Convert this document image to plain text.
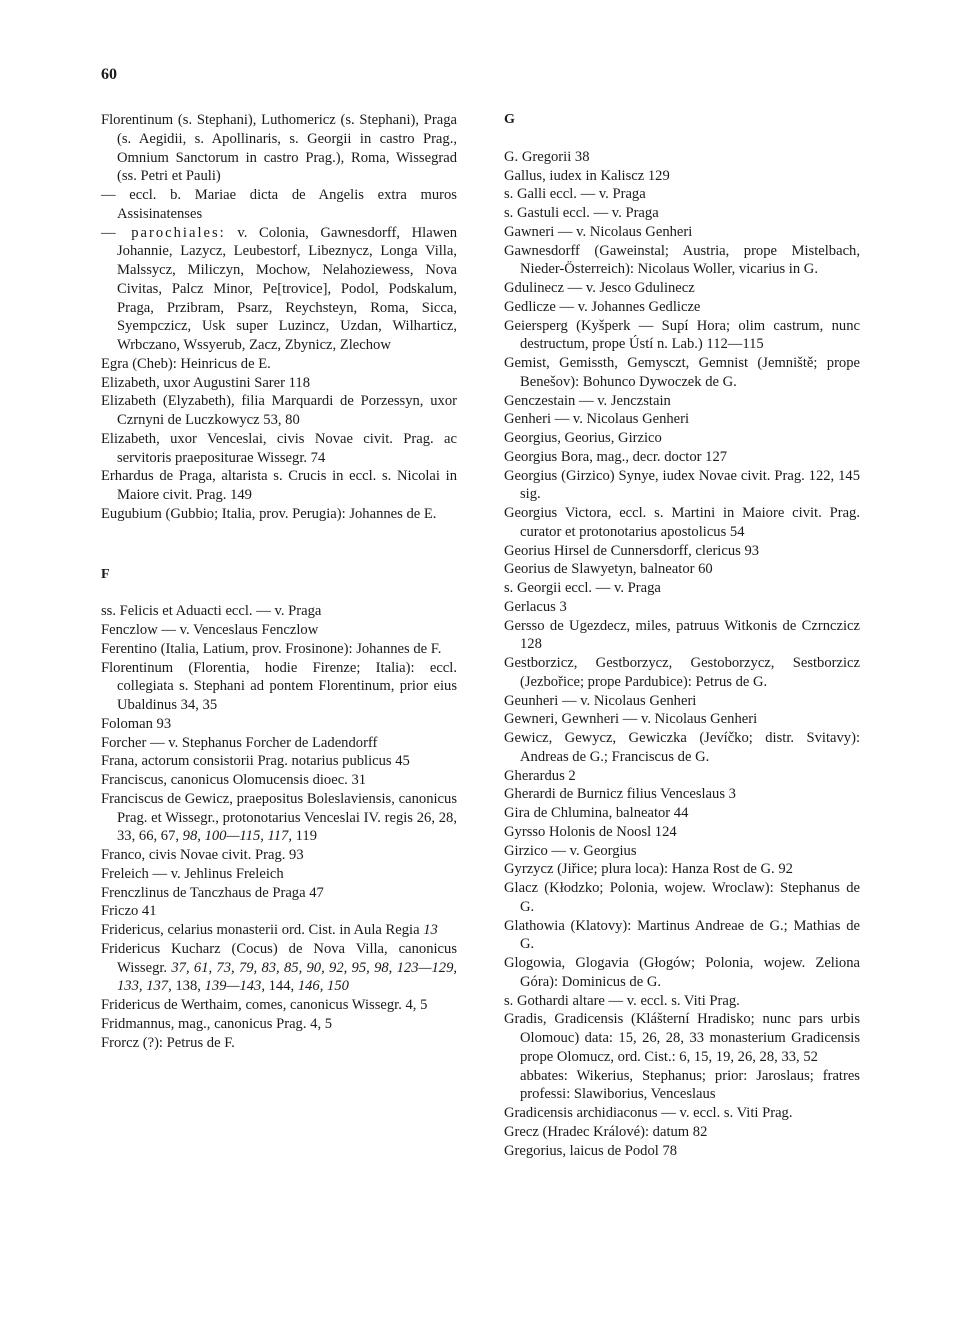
60

Florentinum (s. Stephani), Luthomericz (s. Stephani), Praga (s. Aegidii, s. Apollinaris, s. Georgii in castro Prag., Omnium Sanctorum in castro Prag.), Roma, Wissegrad (ss. Petri et Pauli)

— eccl. b. Mariae dicta de Angelis extra muros Assisinatenses

— parochiales: v. Colonia, Gawnesdorff, Hlawen Johannie, Lazycz, Leubestorf, Libeznycz, Longa Villa, Malssycz, Miliczyn, Mochow, Nelahoziewess, Nova Civitas, Palcz Minor, Pe[trovice], Podol, Podskalum, Praga, Przibram, Psarz, Reychsteyn, Roma, Sicca, Syempczicz, Usk super Luzincz, Uzdan, Wilharticz, Wrbczano, Wssyerub, Zacz, Zbynicz, Zlechow

Egra (Cheb): Heinricus de E.

Elizabeth, uxor Augustini Sarer 118

Elizabeth (Elyzabeth), filia Marquardi de Porzessyn, uxor Czrnyni de Luczkowycz 53, 80

Elizabeth, uxor Venceslai, civis Novae civit. Prag. ac servitoris praepositurae Wissegr. 74

Erhardus de Praga, altarista s. Crucis in eccl. s. Nicolai in Maiore civit. Prag. 149

Eugubium (Gubbio; Italia, prov. Perugia): Johannes de E.

F

ss. Felicis et Aduacti eccl. — v. Praga

Fenczlow — v. Venceslaus Fenczlow

Ferentino (Italia, Latium, prov. Frosinone): Johannes de F.

Florentinum (Florentia, hodie Firenze; Italia): eccl. collegiata s. Stephani ad pontem Florentinum, prior eius Ubaldinus 34, 35

Foloman 93

Forcher — v. Stephanus Forcher de Ladendorff

Frana, actorum consistorii Prag. notarius publicus 45

Franciscus, canonicus Olomucensis dioec. 31

Franciscus de Gewicz, praepositus Boleslaviensis, canonicus Prag. et Wissegr., protonotarius Venceslai IV. regis 26, 28, 33, 66, 67, 98, 100—115, 117, 119

Franco, civis Novae civit. Prag. 93

Freleich — v. Jehlinus Freleich

Frenczlinus de Tanczhaus de Praga 47

Friczo 41

Fridericus, celarius monasterii ord. Cist. in Aula Regia 13

Fridericus Kucharz (Cocus) de Nova Villa, canonicus Wissegr. 37, 61, 73, 79, 83, 85, 90, 92, 95, 98, 123—129, 133, 137, 138, 139—143, 144, 146, 150

Fridericus de Werthaim, comes, canonicus Wissegr. 4, 5

Fridmannus, mag., canonicus Prag. 4, 5

Frorcz (?): Petrus de F.

G

G. Gregorii 38

Gallus, iudex in Kaliscz 129

s. Galli eccl. — v. Praga

s. Gastuli eccl. — v. Praga

Gawneri — v. Nicolaus Genheri

Gawnesdorff (Gaweinstal; Austria, prope Mistelbach, Nieder-Österreich): Nicolaus Woller, vicarius in G.

Gdulinecz — v. Jesco Gdulinecz

Gedlicze — v. Johannes Gedlicze

Geiersperg (Kyšperk — Supí Hora; olim castrum, nunc destructum, prope Ústí n. Lab.) 112—115

Gemist, Gemissth, Gemysczt, Gemnist (Jemniště; prope Benešov): Bohunco Dywoczek de G.

Genczestain — v. Jenczstain

Genheri — v. Nicolaus Genheri

Georgius, Georius, Girzico

Georgius Bora, mag., decr. doctor 127

Georgius (Girzico) Synye, iudex Novae civit. Prag. 122, 145 sig.

Georgius Victora, eccl. s. Martini in Maiore civit. Prag. curator et protonotarius apostolicus 54

Georius Hirsel de Cunnersdorff, clericus 93

Georius de Slawyetyn, balneator 60

s. Georgii eccl. — v. Praga

Gerlacus 3

Gersso de Ugezdecz, miles, patruus Witkonis de Czrnczicz 128

Gestborzicz, Gestborzycz, Gestoborzycz, Sestborzicz (Jezbořice; prope Pardubice): Petrus de G.

Geunheri — v. Nicolaus Genheri

Gewneri, Gewnheri — v. Nicolaus Genheri

Gewicz, Gewycz, Gewiczka (Jevíčko; distr. Svitavy): Andreas de G.; Franciscus de G.

Gherardus 2

Gherardi de Burnicz filius Venceslaus 3

Gira de Chlumina, balneator 44

Gyrsso Holonis de Noosl 124

Girzico — v. Georgius

Gyrzycz (Jiřice; plura loca): Hanza Rost de G. 92

Glacz (Kłodzko; Polonia, wojew. Wroclaw): Stephanus de G.

Glathowia (Klatovy): Martinus Andreae de G.; Mathias de G.

Glogowia, Glogavia (Głogów; Polonia, wojew. Zeliona Góra): Dominicus de G.

s. Gothardi altare — v. eccl. s. Viti Prag.

Gradis, Gradicensis (Klášterní Hradisko; nunc pars urbis Olomouc) data: 15, 26, 28, 33 monasterium Gradicensis prope Olomucz, ord. Cist.: 6, 15, 19, 26, 28, 33, 52

abbates: Wikerius, Stephanus; prior: Jaroslaus; fratres professi: Slawiborius, Venceslaus

Gradicensis archidiaconus — v. eccl. s. Viti Prag.

Grecz (Hradec Králové): datum 82

Gregorius, laicus de Podol 78
